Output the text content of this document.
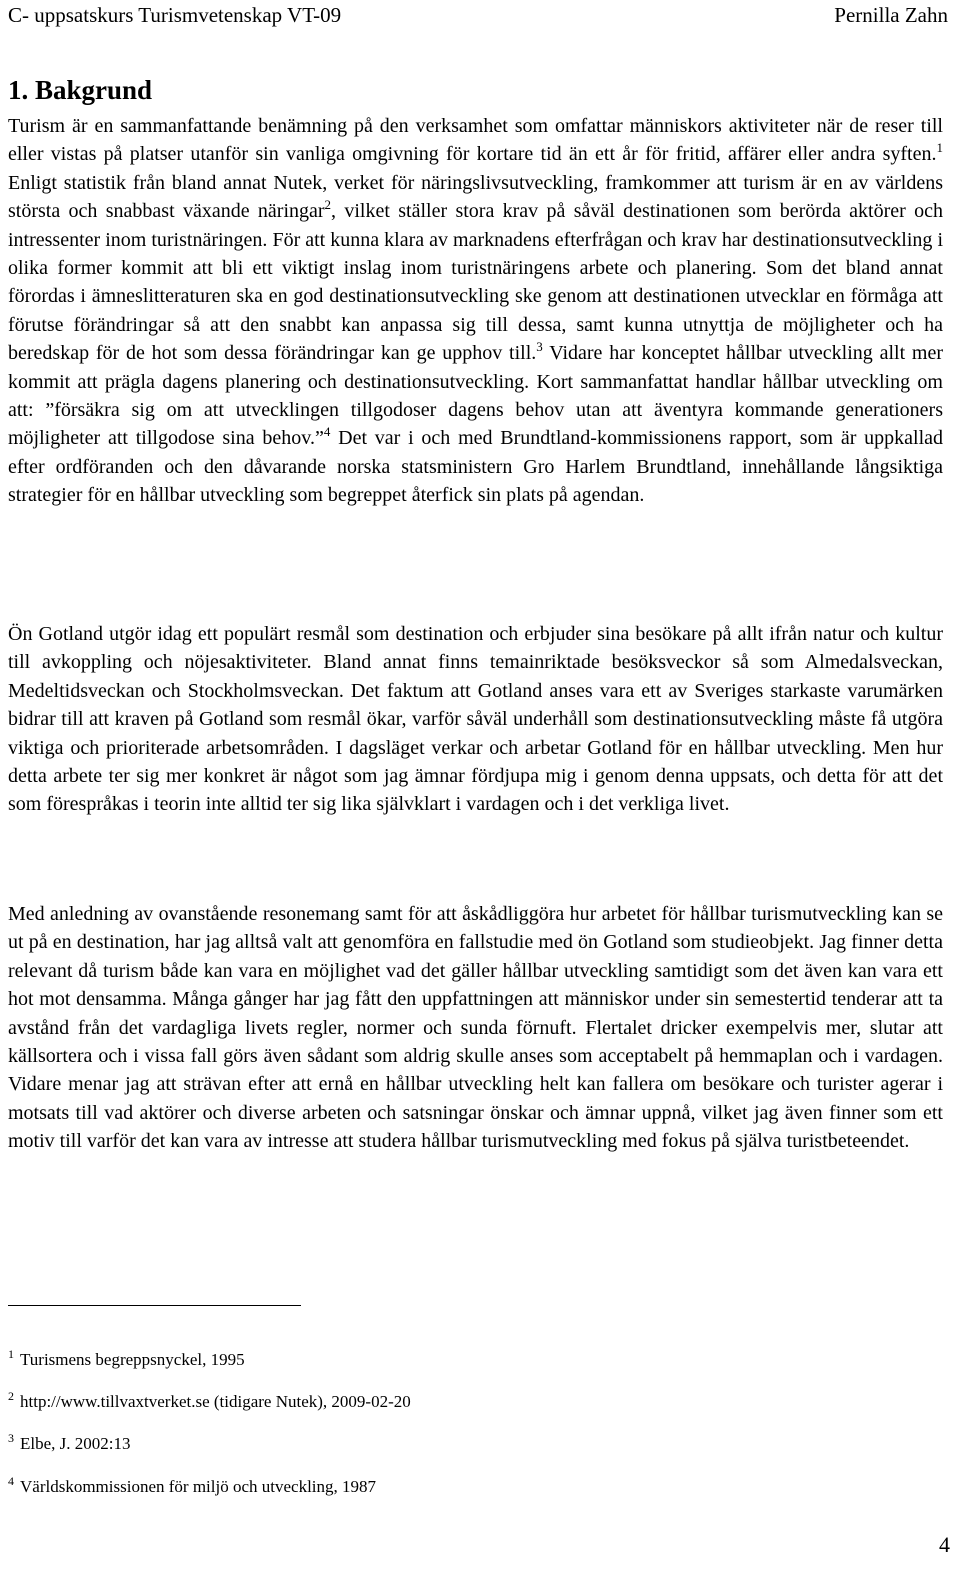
C- uppsatskurs Turismvetenskap VT-09	Pernilla Zahn
1. Bakgrund

Turism är en sammanfattande benämning på den verksamhet som omfattar människors aktiviteter när de reser till eller vistas på platser utanför sin vanliga omgivning för kortare tid än ett år för fritid, affärer eller andra syften.$^1$ Enligt statistik från bland annat Nutek, verket för näringslivsutveckling, framkommer att turism är en av världens största och snabbast växande näringar$^2$, vilket ställer stora krav på såväl destinationen som berörda aktörer och intressenter inom turistnäringen. För att kunna klara av marknadens efterfrågan och krav har destinationsutveckling i olika former kommit att bli ett viktigt inslag inom turistnäringens arbete och planering. Som det bland annat förordas i ämneslitteraturen ska en god destinationsutveckling ske genom att destinationen utvecklar en förmåga att förutse förändringar så att den snabbt kan anpassa sig till dessa, samt kunna utnyttja de möjligheter och ha beredskap för de hot som dessa förändringar kan ge upphov till.$^3$ Vidare har konceptet hållbar utveckling allt mer kommit att prägla dagens planering och destinationsutveckling. Kort sammanfattat handlar hållbar utveckling om att: ”försäkra sig om att utvecklingen tillgodoser dagens behov utan att äventyra kommande generationers möjligheter att tillgodose sina behov.”$^4$ Det var i och med Brundtland-kommissionens rapport, som är uppkallad efter ordföranden och den dåvarande norska statsministern Gro Harlem Brundtland, innehållande långsiktiga strategier för en hållbar utveckling som begreppet återfick sin plats på agendan.

Ön Gotland utgör idag ett populärt resmål som destination och erbjuder sina besökare på allt ifrån natur och kultur till avkoppling och nöjesaktiviteter. Bland annat finns temainriktade besöksveckor så som Almedalsveckan, Medeltidsveckan och Stockholmsveckan. Det faktum att Gotland anses vara ett av Sveriges starkaste varumärken bidrar till att kraven på Gotland som resmål ökar, varför såväl underhåll som destinationsutveckling måste få utgöra viktiga och prioriterade arbetsområden. I dagsläget verkar och arbetar Gotland för en hållbar utveckling. Men hur detta arbete ter sig mer konkret är något som jag ämnar fördjupa mig i genom denna uppsats, och detta för att det som förespråkas i teorin inte alltid ter sig lika självklart i vardagen och i det verkliga livet.

Med anledning av ovanstående resonemang samt för att åskådliggöra hur arbetet för hållbar turismutveckling kan se ut på en destination, har jag alltså valt att genomföra en fallstudie med ön Gotland som studieobjekt. Jag finner detta relevant då turism både kan vara en möjlighet vad det gäller hållbar utveckling samtidigt som det även kan vara ett hot mot densamma. Många gånger har jag fått den uppfattningen att människor under sin semestertid tenderar att ta avstånd från det vardagliga livets regler, normer och sunda förnuft. Flertalet dricker exempelvis mer, slutar att källsortera och i vissa fall görs även sådant som aldrig skulle anses som acceptabelt på hemmaplan och i vardagen. Vidare menar jag att strävan efter att ernå en hållbar utveckling helt kan fallera om besökare och turister agerar i motsats till vad aktörer och diverse arbeten och satsningar önskar och ämnar uppnå, vilket jag även finner som ett motiv till varför det kan vara av intresse att studera hållbar turismutveckling med fokus på själva turistbeteendet.

$^1$ Turismens begreppsnyckel, 1995

$^2$ http://www.tillvaxtverket.se (tidigare Nutek), 2009-02-20

$^3$ Elbe, J. 2002:13

$^4$ Världskommissionen för miljö och utveckling, 1987

4
